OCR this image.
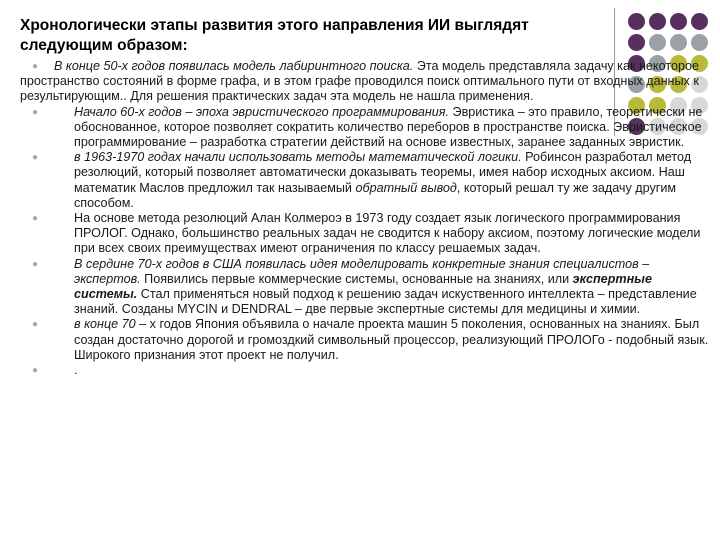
Хронологически этапы развития этого направления ИИ выглядят следующим образом:
● В конце 50-х годов появилась модель лабиринтного поиска. Эта модель представляла задачу как некоторое пространство состояний в форме графа, и в этом графе проводился поиск оптимального пути от входных данных к результирующим.. Для решения практических задач эта модель не нашла применения.
●	Начало 60-х годов – эпоха эвристического программирования. Эвристика – это правило, теоретически не обоснованное, которое позволяет сократить количество переборов в пространстве поиска. Эвристическое программирование – разработка стратегии действий на основе известных, заранее заданных эвристик.
●	в 1963-1970 годах начали использовать методы математической логики. Робинсон разработал метод резолюций, который позволяет автоматически доказывать теоремы, имея набор исходных аксиом. Наш математик Маслов предложил так называемый обратный вывод, который решал ту же задачу другим способом.
●	На основе метода резолюций Алан Колмероэ в 1973 году создает язык логического программирования ПРОЛОГ. Однако, большинство реальных задач не сводится к набору аксиом, поэтому логические модели при всех своих преимуществах имеют ограничения по классу решаемых задач.
●	В сердине 70-х годов в США появилась идея моделировать конкретные знания специалистов –экспертов. Появились первые коммерческие системы, основанные на знаниях, или экспертные системы. Стал применяться новый подход к решению задач искуственного интеллекта – представление знаний. Созданы MYCIN и DENDRAL – две первые экспертные системы для медицины и химии.
●	в конце 70 – х годов Япония объявила о начале проекта машин 5 поколения, основанных на знаниях. Был создан достаточно дорогой и громоздкий символьный процессор, реализующий ПРОЛОГо - подобный язык. Широкого признания этот проект не получил.
●	.
